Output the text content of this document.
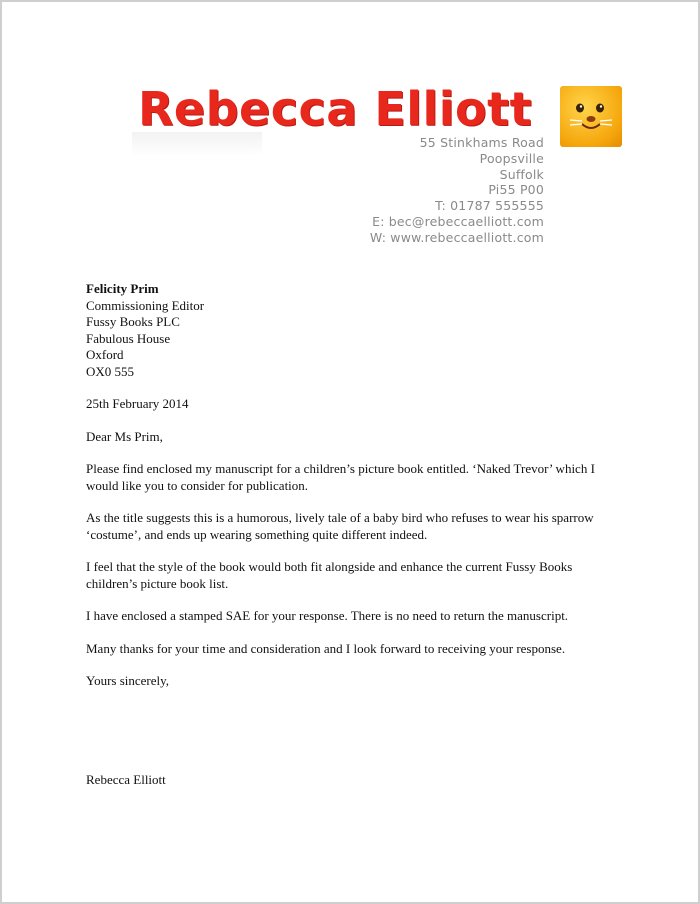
Rebecca Elliott
55 Stinkhams Road
Poopsville
Suffolk
Pi55 P00
T: 01787 555555
E: bec@rebeccaelliott.com
W: www.rebeccaelliott.com
Felicity Prim
Commissioning Editor
Fussy Books PLC
Fabulous House
Oxford
OX0 555
25th February 2014
Dear Ms Prim,
Please find enclosed my manuscript for a children’s picture book entitled. ‘Naked Trevor’ which I would like you to consider for publication.
As the title suggests this is a humorous, lively tale of a baby bird who refuses to wear his sparrow ‘costume’, and ends up wearing something quite different indeed.
I feel that the style of the book would both fit alongside and enhance the current Fussy Books children’s picture book list.
I have enclosed a stamped SAE for your response. There is no need to return the manuscript.
Many thanks for your time and consideration and I look forward to receiving your response.
Yours sincerely,
Rebecca Elliott
